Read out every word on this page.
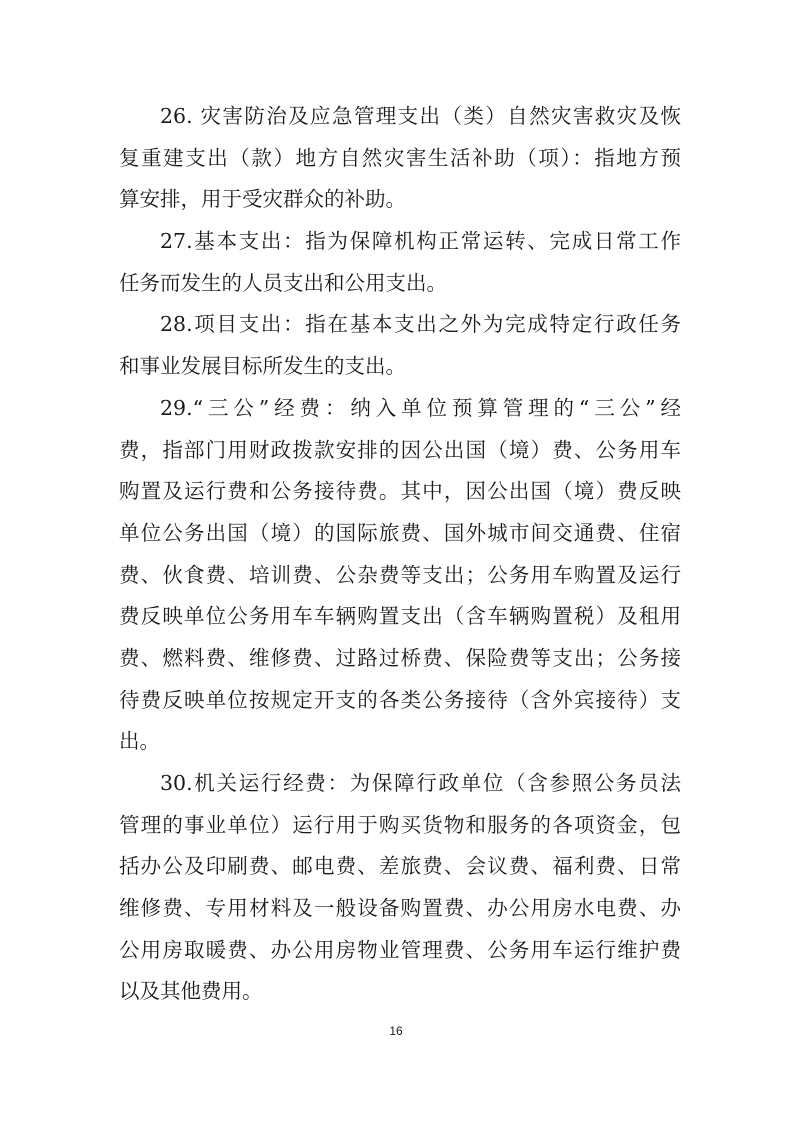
26. 灾害防治及应急管理支出（类）自然灾害救灾及恢
复重建支出（款）地方自然灾害生活补助（项）：指地方预
算安排，用于受灾群众的补助。
27.基本支出：指为保障机构正常运转、完成日常工作
任务而发生的人员支出和公用支出。
28.项目支出：指在基本支出之外为完成特定行政任务
和事业发展目标所发生的支出。
29.“三公”经费：纳入单位预算管理的“三公”经
费，指部门用财政拨款安排的因公出国（境）费、公务用车
购置及运行费和公务接待费。其中，因公出国（境）费反映
单位公务出国（境）的国际旅费、国外城市间交通费、住宿
费、伙食费、培训费、公杂费等支出；公务用车购置及运行
费反映单位公务用车车辆购置支出（含车辆购置税）及租用
费、燃料费、维修费、过路过桥费、保险费等支出；公务接
待费反映单位按规定开支的各类公务接待（含外宾接待）支
出。
30.机关运行经费：为保障行政单位（含参照公务员法
管理的事业单位）运行用于购买货物和服务的各项资金，包
括办公及印刷费、邮电费、差旅费、会议费、福利费、日常
维修费、专用材料及一般设备购置费、办公用房水电费、办
公用房取暖费、办公用房物业管理费、公务用车运行维护费
以及其他费用。
16
